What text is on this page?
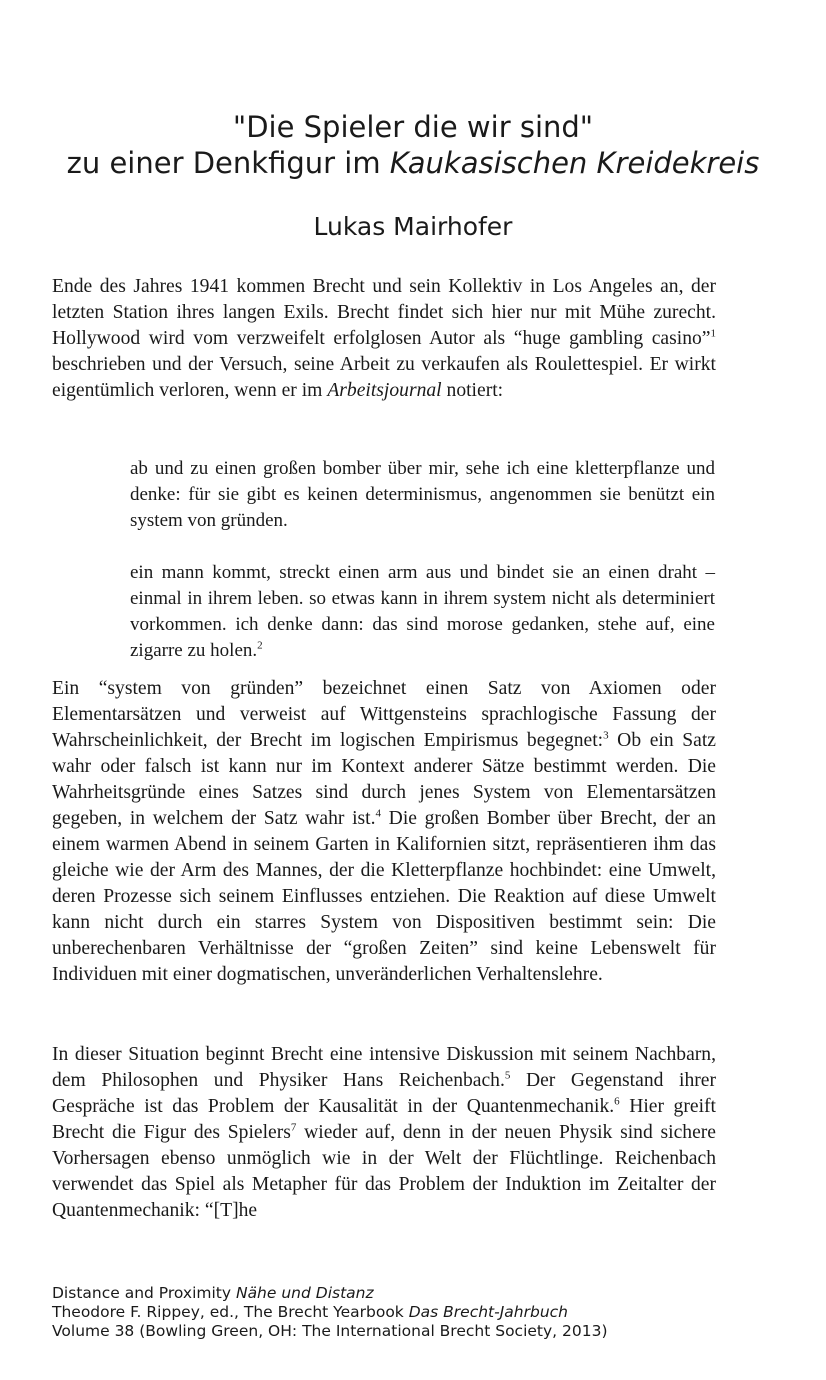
"Die Spieler die wir sind"
zu einer Denkfigur im Kaukasischen Kreidekreis
Lukas Mairhofer

Ende des Jahres 1941 kommen Brecht und sein Kollektiv in Los Angeles an, der letzten Station ihres langen Exils. Brecht findet sich hier nur mit Mühe zurecht. Hollywood wird vom verzweifelt erfolglosen Autor als “huge gambling casino”$^1$ beschrieben und der Versuch, seine Arbeit zu verkaufen als Roulettespiel. Er wirkt eigentümlich verloren, wenn er im Arbeitsjournal notiert:

ab und zu einen großen bomber über mir, sehe ich eine kletterpflanze und denke: für sie gibt es keinen determinismus, angenommen sie benützt ein system von gründen.

ein mann kommt, streckt einen arm aus und bindet sie an einen draht – einmal in ihrem leben. so etwas kann in ihrem system nicht als determiniert vorkommen. ich denke dann: das sind morose gedanken, stehe auf, eine zigarre zu holen.$^2$

Ein “system von gründen” bezeichnet einen Satz von Axiomen oder Elementarsätzen und verweist auf Wittgensteins sprachlogische Fassung der Wahrscheinlichkeit, der Brecht im logischen Empirismus begegnet:$^3$ Ob ein Satz wahr oder falsch ist kann nur im Kontext anderer Sätze bestimmt werden. Die Wahrheitsgründe eines Satzes sind durch jenes System von Elementarsätzen gegeben, in welchem der Satz wahr ist.$^4$ Die großen Bomber über Brecht, der an einem warmen Abend in seinem Garten in Kalifornien sitzt, repräsentieren ihm das gleiche wie der Arm des Mannes, der die Kletterpflanze hochbindet: eine Umwelt, deren Prozesse sich seinem Einflusses entziehen. Die Reaktion auf diese Umwelt kann nicht durch ein starres System von Dispositiven bestimmt sein: Die unberechenbaren Verhältnisse der “großen Zeiten” sind keine Lebenswelt für Individuen mit einer dogmatischen, unveränderlichen Verhaltenslehre.

In dieser Situation beginnt Brecht eine intensive Diskussion mit seinem Nachbarn, dem Philosophen und Physiker Hans Reichenbach.$^5$ Der Gegenstand ihrer Gespräche ist das Problem der Kausalität in der Quantenmechanik.$^6$ Hier greift Brecht die Figur des Spielers$^7$ wieder auf, denn in der neuen Physik sind sichere Vorhersagen ebenso unmöglich wie in der Welt der Flüchtlinge. Reichenbach verwendet das Spiel als Metapher für das Problem der Induktion im Zeitalter der Quantenmechanik: “[T]he

Distance and Proximity Nähe und Distanz
Theodore F. Rippey, ed., The Brecht Yearbook Das Brecht-Jahrbuch
Volume 38 (Bowling Green, OH: The International Brecht Society, 2013)
